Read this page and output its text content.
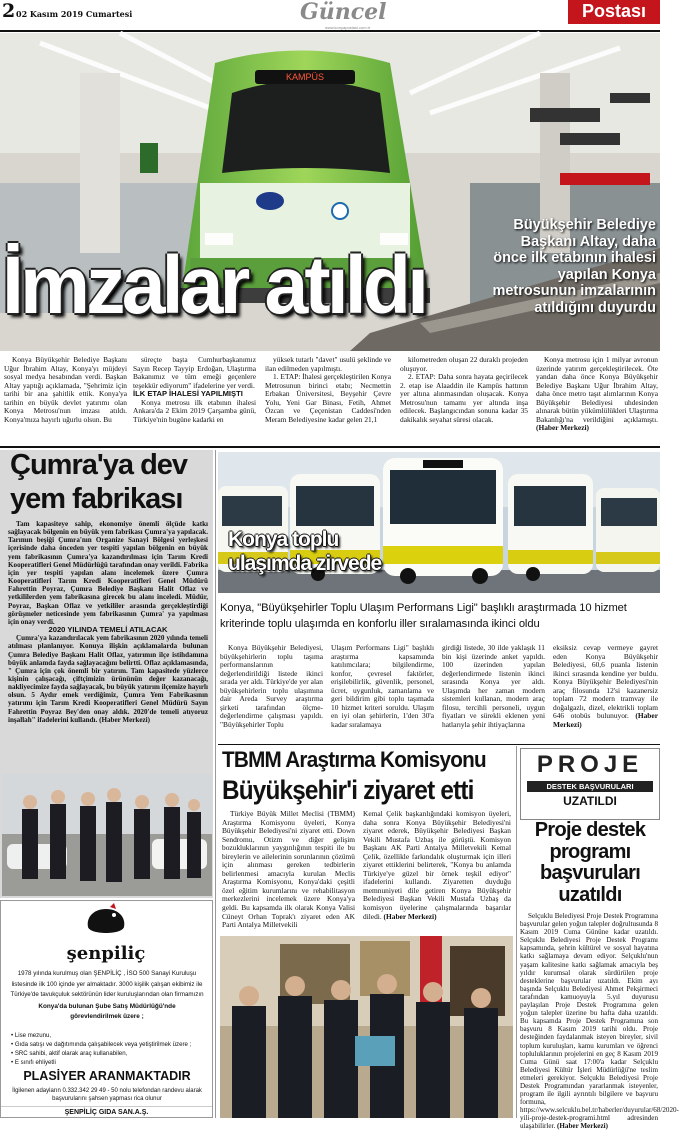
2 02 Kasım 2019 Cumartesi	Güncel
www.konyapostasi.com.tr
Postası
KAMPÜS
Büyükşehir Belediye Başkanı Altay, daha önce ilk etabının ihalesi yapılan Konya metrosunun imzalarının atıldığını duyurdu
İmzalar atıldı

Konya Büyükşehir Belediye Başkanı Uğur İbrahim Altay, Konya'yı müjdeyi sosyal medya hesabından verdi. Başkan Altay yaptığı açıklamada, "Şehrimiz için tarihi bir ana şahitlik ettik. Konya'ya tarihin en büyük devlet yatırımı olan Konya Metrosu'nun imzası atıldı. Konya'mıza hayırlı uğurlu olsun. Bu

süreçte başta Cumhurbaşkanımız Sayın Recep Tayyip Erdoğan, Ulaştırma Bakanımız ve tüm emeği geçenlere teşekkür ediyorum" ifadelerine yer verdi.

İLK ETAP İHALESİ YAPILMIŞTI

Konya metrosu ilk etabının ihalesi Ankara'da 2 Ekim 2019 Çarşamba günü, Türkiye'nin bugüne kadarki en

yüksek tutarlı "davet" usulü şeklinde ve ilan edilmeden yapılmıştı.

1. ETAP: İhalesi gerçekleştirilen Konya Metrosunun birinci etabı; Necmettin Erbakan Üniversitesi, Beyşehir Çevre Yolu, Yeni Gar Binası, Fetih, Ahmet Özcan ve Çeçenistan Caddesi'nden Meram Belediyesine kadar gelen 21,1

kilometreden oluşan 22 duraklı projeden oluşuyor.

2. ETAP: Daha sonra hayata geçirilecek 2. etap ise Alaaddin ile Kampüs hattının yer altına alınmasından oluşacak. Konya Metrosu'nun tamamı yer altında inşa edilecek. Başlangıcından sonuna kadar 35 dakikalık seyahat süresi olacak.

Konya metrosu için 1 milyar avronun üzerinde yatırım gerçekleştirilecek. Öte yandan daha önce Konya Büyükşehir Belediye Başkanı Uğur İbrahim Altay, daha önce metro taşıt alımlarının Konya Büyükşehir Belediyesi uhdesinden alınarak bütün yükümlülükleri Ulaştırma Bakanlığı'na verildiğini açıklamıştı. (Haber Merkezi)

Çumra'ya dev yem fabrikası

Tam kapasiteye sahip, ekonomiye önemli ölçüde katkı sağlayacak bölgenin en büyük yem fabrikası Çumra'ya yapılacak. Tarımın beşiği Çumra'nın Organize Sanayi Bölgesi yerleşkesi içerisinde daha önceden yer tespiti yapılan bölgenin en büyük yem fabrikasının Çumra'ya kazandırılması için Tarım Kredi Kooperatifleri Genel Müdürlüğü tarafından onay verildi. Fabrika için yer tespiti yapılan alanı incelemek üzere Çumra Kooperatifleri Tarım Kredi Kooperatifleri Genel Müdürü Fahrettin Poyraz, Çumra Belediye Başkanı Halit Oflaz ve yetkililerden yem fabrikasına girecek bu alanı inceledi. Müdür, Poyraz, Başkan Oflaz ve yetkililer arasında gerçekleştirdiği görüşmeler neticesinde yem fabrikasının Çumra' ya yapılması için onay verdi.

2020 YILINDA TEMELİ ATILACAK

Çumra'ya kazandırılacak yem fabrikasının 2020 yılında temeli atılması planlanıyor. Konuya ilişkin açıklamalarda bulunan Çumra Belediye Başkanı Halit Oflaz, yatırımın ilçe istihdamına büyük anlamda fayda sağlayacağını belirtti. Oflaz açıklamasında, " Çumra için çok önemli bir yatırım. Tam kapasitede yüzlerce kişinin çalışacağı, çiftçimizin ürününün değer kazanacağı, nakliyecimize fayda sağlayacak, bu büyük yatırım ilçemize hayırlı olsun. 5 Aydır emek verdiğimiz, Çumra Yem Fabrikasının yatırımı için Tarım Kredi Kooperatifleri Genel Müdürü Sayın Fahrettin Poyraz Bey'den onay aldık. 2020'de temeli atıyoruz inşallah" ifadelerini kullandı. (Haber Merkezi)

şenpiliç
1978 yılında kurulmuş olan ŞENPİLİÇ , İSO 500 Sanayi Kuruluşu listesinde ilk 100 içinde yer almaktadır. 3000 kişilik çalışan ekibimiz ile Türkiye'de tavukçuluk sektörünün lider kuruluşlarından olan firmamızın
Konya'da bulunan Şube Satış Müdürlüğü'nde
görevlendirilmek üzere ;
• Lise mezunu,
• Gıda satışı ve dağıtımında çalışabilecek veya yetiştirilmek üzere ;
• SRC sahibi, aktif olarak araç kullanabilen,
• E sınıfı ehliyetli
PLASİYER ARANMAKTADIR
İlgilenen adayların 0.332.342 29 49 - 50 nolu telefondan randevu alarak başvurularını şahsen yapması rica olunur
ŞENPİLİÇ GIDA SAN.A.Ş.
Konya toplu
ulaşımda zirvede
Konya, "Büyükşehirler Toplu Ulaşım Performans Ligi" başlıklı araştırmada 10 hizmet kriterinde toplu ulaşımda en konforlu iller sıralamasında ikinci oldu

Konya Büyükşehir Belediyesi, büyükşehirlerin toplu taşıma performanslarının değerlendirildiği listede ikinci sırada yer aldı. Türkiye'de yer alan büyükşehirlerin toplu ulaşımına dair Areda Survey araştırma şirketi tarafından ölçme-değerlendirme çalışması yapıldı. "Büyükşehirler Toplu

Ulaşım Performans Ligi" başlıklı araştırma kapsamında katılımcılara; bilgilendirme, konfor, çevresel faktörler, erişilebilirlik, güvenlik, personel, ücret, uygunluk, zamanlama ve geri bildirim gibi toplu taşımada 10 hizmet kriteri soruldu. Ulaşım en iyi olan şehirlerin, 1'den 30'a kadar sıralamaya

girdiği listede, 30 ilde yaklaşık 11 bin kişi üzerinde anket yapıldı. 100 üzerinden yapılan değerlendirmede listenin ikinci sırasında Konya yer aldı. Ulaşımda her zaman modern sistemleri kullanan, modern araç filosu, tercihli personeli, uygun fiyatları ve sürekli eklenen yeni hatlarıyla şehir ihtiyaçlarına

eksiksiz cevap vermeye gayret eden Konya Büyükşehir Belediyesi, 60,6 puanla listenin ikinci sırasında kendine yer buldu. Konya Büyükşehir Belediyesi'nin araç filosunda 12'si kazanersiz toplam 72 modern tramvay ile doğalgazlı, dizel, elektrikli toplam 646 otobüs bulunuyor. (Haber Merkezi)

TBMM Araştırma Komisyonu
Büyükşehir'i ziyaret etti

Türkiye Büyük Millet Meclisi (TBMM) Araştırma Komisyonu üyeleri, Konya Büyükşehir Belediyesi'ni ziyaret etti. Down Sendromu, Otizm ve diğer gelişim bozukluklarının yaygınlığının tespiti ile bu bireylerin ve ailelerinin sorunlarının çözümü için alınması gereken tedbirlerin belirlenmesi amacıyla kurulan Meclis Araştırma Komisyonu, Konya'daki çeşitli özel eğitim kurumlarını ve rehabilitasyon merkezlerini incelemek üzere Konya'ya geldi. Bu kapsamda ilk olarak Konya Valisi Cüneyt Orhan Toprak'ı ziyaret eden AK Parti Antalya Milletvekili

Kemal Çelik başkanlığındaki komisyon üyeleri, daha sonra Konya Büyükşehir Belediyesi'ni ziyaret ederek, Büyükşehir Belediyesi Başkan Vekili Mustafa Uzbaş ile görüştü. Komisyon Başkanı AK Parti Antalya Milletvekili Kemal Çelik, özellikle farkındalık oluşturmak için illeri ziyaret ettiklerini belirterek, "Konya bu anlamda Türkiye'ye güzel bir örnek teşkil ediyor" ifadelerini kullandı. Ziyaretten duyduğu memnuniyeti dile getiren Konya Büyükşehir Belediyesi Başkan Vekili Mustafa Uzbaş da komisyon üyelerine çalışmalarında başarılar diledi. (Haber Merkezi)

PROJE
DESTEK BAŞVURULARI
UZATILDI
Proje destek programı başvuruları uzatıldı

Selçuklu Belediyesi Proje Destek Programına başvurular gelen yoğun talepler doğrultusunda 8 Kasım 2019 Cuma Gününe kadar uzatıldı. Selçuklu Belediyesi Proje Destek Programı kapsamında, şehrin kültürel ve sosyal hayatına katkı sağlamaya devam ediyor. Selçuklu'nun yaşam kalitesine katkı sağlamak amacıyla beş yıldır kurumsal olarak sürdürülen proje desteklerine başvurular uzatıldı. Ekim ayı başında Selçuklu Belediyesi Ahmet Pekşirmeci tarafından kamuoyuyla 5.yıl duyurusu paylaşılan Proje Destek Programına gelen yoğun talepler üzerine bu hafta daha uzatıldı. Bu kapsamda Proje Destek Programına son başvuru 8 Kasım 2019 tarihi oldu. Proje desteğinden faydalanmak isteyen bireyler, sivil toplum kuruluşları, kamu kurumları ve öğrenci topluluklarının projelerini en geç 8 Kasım 2019 Cuma Günü saat 17:00'a kadar Selçuklu Belediyesi Kültür İşleri Müdürlüğü'ne teslim etmeleri gerekiyor. Selçuklu Belediyesi Proje Destek Programından yararlanmak isteyenler, program ile ilgili ayrıntılı bilgilere ve başvuru formuna, https://www.selcuklu.bel.tr/haberler/duyurular/68/2020-yili-proje-destek-programi.html adresinden ulaşabilirler. (Haber Merkezi)
